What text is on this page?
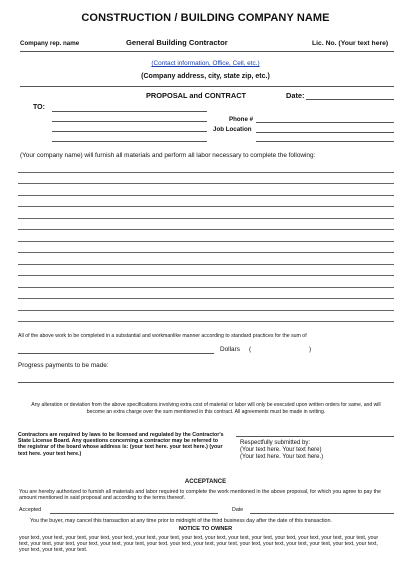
CONSTRUCTION / BUILDING COMPANY NAME
Company rep. name	General Building Contractor	Lic. No. (Your text here)
(Contact information, Office, Cell, etc.)
(Company address, city, state zip, etc.)
PROPOSAL and CONTRACT	Date:
TO:
Phone #
Job Location
(Your company name) will furnish all materials and perform all labor necessary to complete the following:
All of the above work to be completed in a substantial and workmanlike manner according to standard practices for the sum of
Dollars (	)
Progress payments to be made:
Any alteration or deviation from the above specifications involving extra cost of material or labor will only be executed upon written orders for same, and will become an extra charge over the sum mentioned in this contract. All agreements must be made in writing.
Contractors are required by laws to be licensed and regulated by the Contractor's State License Board. Any questions concerning a contractor may be referred to the registrar of the board whose address is: (your text here. your text here.) (your text here. your text here.)
Respectfully submitted by:
(Your text here. Your text here)
(Your text here. Your text here.)
ACCEPTANCE
You are hereby authorized to furnish all materials and labor required to complete the work mentioned in the above proposal, for which you agree to pay the amount mentioned in said proposal and according to the terms thereof.
Accepted	Date
You the buyer, may cancel this transaction at any time prior to midnight of the third business day after the date of this transaction.
NOTICE TO OWNER
your text, your text, your text, your text, your text, your text, your text, your text, your text, your text, your text, your text, your text, your text, your text, your text, your text, your text, your text, your text, your text, your text, your text, your text, your text, your text, your text, your text, your text, your text, your text, your text, your text, your text.
